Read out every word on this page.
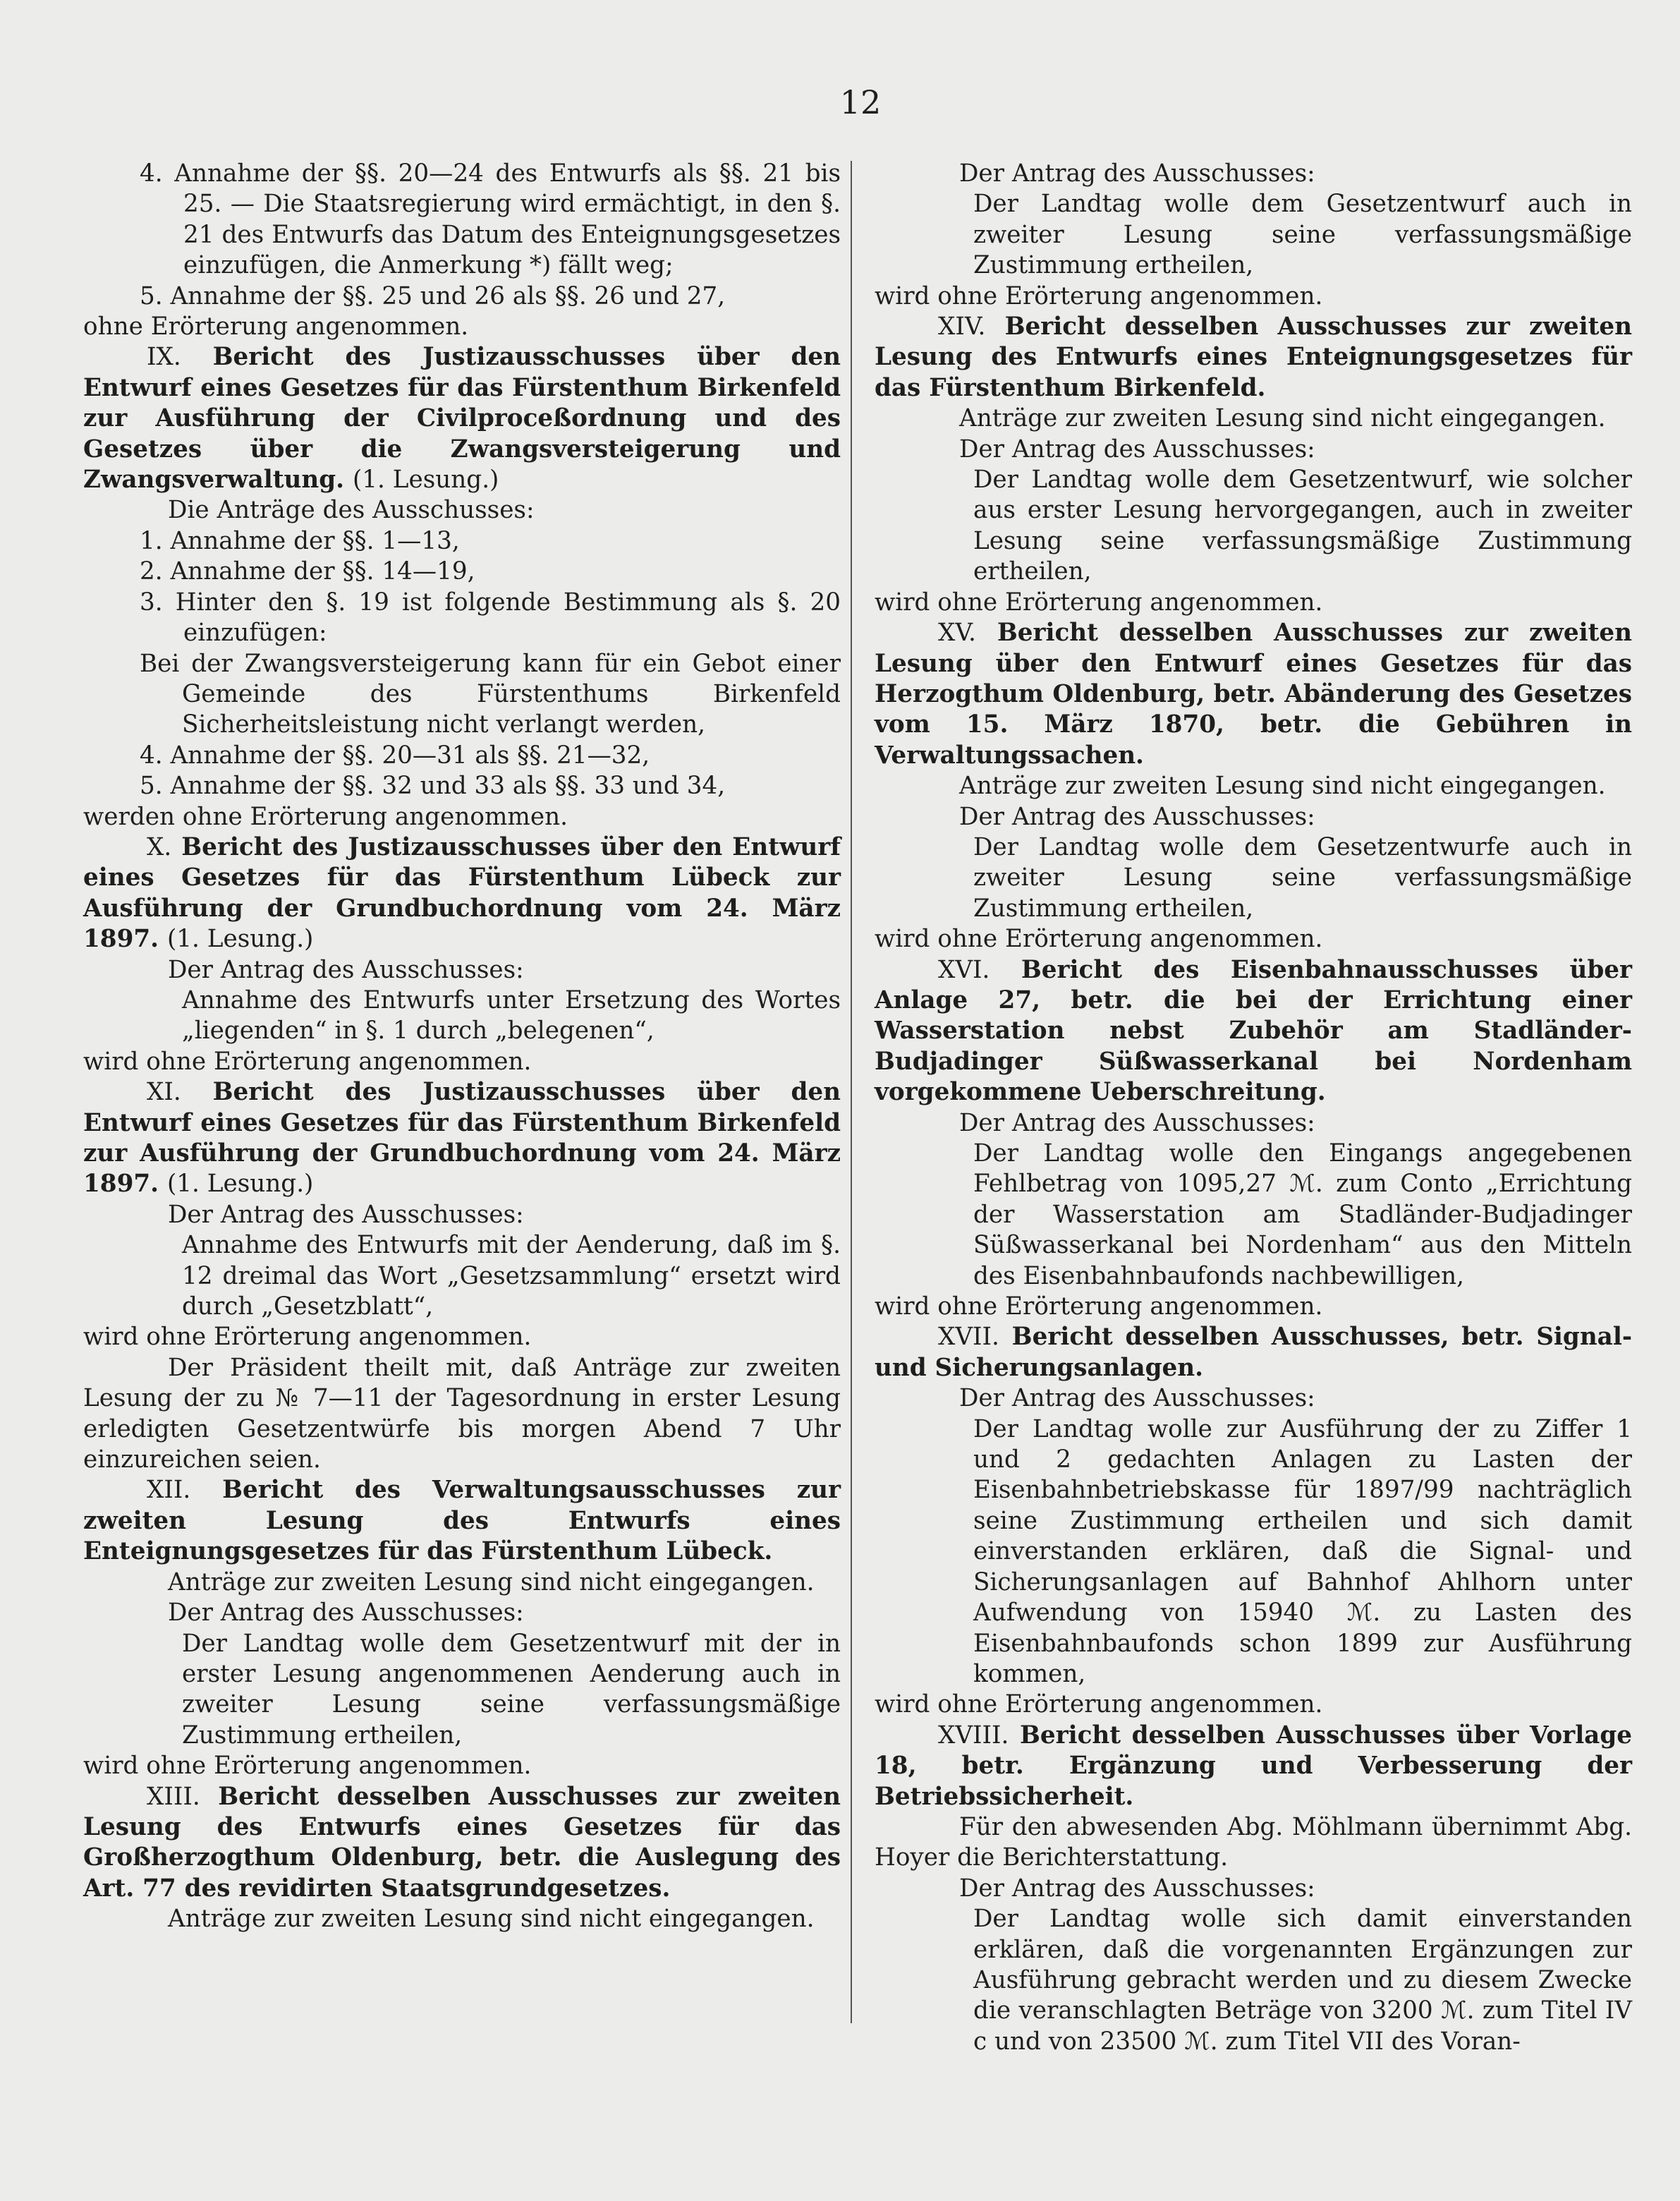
12

4. Annahme der §§. 20—24 des Entwurfs als §§. 21 bis 25. — Die Staatsregierung wird ermächtigt, in den §. 21 des Entwurfs das Datum des Enteignungsgesetzes einzufügen, die Anmerkung *) fällt weg;

5. Annahme der §§. 25 und 26 als §§. 26 und 27,

ohne Erörterung angenommen.

IX. Bericht des Justizausschusses über den Entwurf eines Gesetzes für das Fürstenthum Birkenfeld zur Ausführung der Civilproceßordnung und des Gesetzes über die Zwangsversteigerung und Zwangsverwaltung. (1. Lesung.)

Die Anträge des Ausschusses:

1. Annahme der §§. 1—13,

2. Annahme der §§. 14—19,

3. Hinter den §. 19 ist folgende Bestimmung als §. 20 einzufügen:

Bei der Zwangsversteigerung kann für ein Gebot einer Gemeinde des Fürstenthums Birkenfeld Sicherheitsleistung nicht verlangt werden,

4. Annahme der §§. 20—31 als §§. 21—32,

5. Annahme der §§. 32 und 33 als §§. 33 und 34,

werden ohne Erörterung angenommen.

X. Bericht des Justizausschusses über den Entwurf eines Gesetzes für das Fürstenthum Lübeck zur Ausführung der Grundbuchordnung vom 24. März 1897. (1. Lesung.)

Der Antrag des Ausschusses:

Annahme des Entwurfs unter Ersetzung des Wortes „liegenden“ in §. 1 durch „belegenen“,

wird ohne Erörterung angenommen.

XI. Bericht des Justizausschusses über den Entwurf eines Gesetzes für das Fürstenthum Birkenfeld zur Ausführung der Grundbuchordnung vom 24. März 1897. (1. Lesung.)

Der Antrag des Ausschusses:

Annahme des Entwurfs mit der Aenderung, daß im §. 12 dreimal das Wort „Gesetzsammlung“ ersetzt wird durch „Gesetzblatt“,

wird ohne Erörterung angenommen.

Der Präsident theilt mit, daß Anträge zur zweiten Lesung der zu № 7—11 der Tagesordnung in erster Lesung erledigten Gesetzentwürfe bis morgen Abend 7 Uhr einzureichen seien.

XII. Bericht des Verwaltungsausschusses zur zweiten Lesung des Entwurfs eines Enteignungsgesetzes für das Fürstenthum Lübeck.

Anträge zur zweiten Lesung sind nicht eingegangen.

Der Antrag des Ausschusses:

Der Landtag wolle dem Gesetzentwurf mit der in erster Lesung angenommenen Aenderung auch in zweiter Lesung seine verfassungsmäßige Zustimmung ertheilen,

wird ohne Erörterung angenommen.

XIII. Bericht desselben Ausschusses zur zweiten Lesung des Entwurfs eines Gesetzes für das Großherzogthum Oldenburg, betr. die Auslegung des Art. 77 des revidirten Staatsgrundgesetzes.

Anträge zur zweiten Lesung sind nicht eingegangen.

Der Antrag des Ausschusses:

Der Landtag wolle dem Gesetzentwurf auch in zweiter Lesung seine verfassungsmäßige Zustimmung ertheilen,

wird ohne Erörterung angenommen.

XIV. Bericht desselben Ausschusses zur zweiten Lesung des Entwurfs eines Enteignungsgesetzes für das Fürstenthum Birkenfeld.

Anträge zur zweiten Lesung sind nicht eingegangen.

Der Antrag des Ausschusses:

Der Landtag wolle dem Gesetzentwurf, wie solcher aus erster Lesung hervorgegangen, auch in zweiter Lesung seine verfassungsmäßige Zustimmung ertheilen,

wird ohne Erörterung angenommen.

XV. Bericht desselben Ausschusses zur zweiten Lesung über den Entwurf eines Gesetzes für das Herzogthum Oldenburg, betr. Abänderung des Gesetzes vom 15. März 1870, betr. die Gebühren in Verwaltungssachen.

Anträge zur zweiten Lesung sind nicht eingegangen.

Der Antrag des Ausschusses:

Der Landtag wolle dem Gesetzentwurfe auch in zweiter Lesung seine verfassungsmäßige Zustimmung ertheilen,

wird ohne Erörterung angenommen.

XVI. Bericht des Eisenbahnausschusses über Anlage 27, betr. die bei der Errichtung einer Wasserstation nebst Zubehör am Stadländer-Budjadinger Süßwasserkanal bei Nordenham vorgekommene Ueberschreitung.

Der Antrag des Ausschusses:

Der Landtag wolle den Eingangs angegebenen Fehlbetrag von 1095,27 ℳ. zum Conto „Errichtung der Wasserstation am Stadländer-Budjadinger Süßwasserkanal bei Nordenham“ aus den Mitteln des Eisenbahnbaufonds nachbewilligen,

wird ohne Erörterung angenommen.

XVII. Bericht desselben Ausschusses, betr. Signal- und Sicherungsanlagen.

Der Antrag des Ausschusses:

Der Landtag wolle zur Ausführung der zu Ziffer 1 und 2 gedachten Anlagen zu Lasten der Eisenbahnbetriebskasse für 1897/99 nachträglich seine Zustimmung ertheilen und sich damit einverstanden erklären, daß die Signal- und Sicherungsanlagen auf Bahnhof Ahlhorn unter Aufwendung von 15940 ℳ. zu Lasten des Eisenbahnbaufonds schon 1899 zur Ausführung kommen,

wird ohne Erörterung angenommen.

XVIII. Bericht desselben Ausschusses über Vorlage 18, betr. Ergänzung und Verbesserung der Betriebssicherheit.

Für den abwesenden Abg. Möhlmann übernimmt Abg. Hoyer die Berichterstattung.

Der Antrag des Ausschusses:

Der Landtag wolle sich damit einverstanden erklären, daß die vorgenannten Ergänzungen zur Ausführung gebracht werden und zu diesem Zwecke die veranschlagten Beträge von 3200 ℳ. zum Titel IV c und von 23500 ℳ. zum Titel VII des Voran-
